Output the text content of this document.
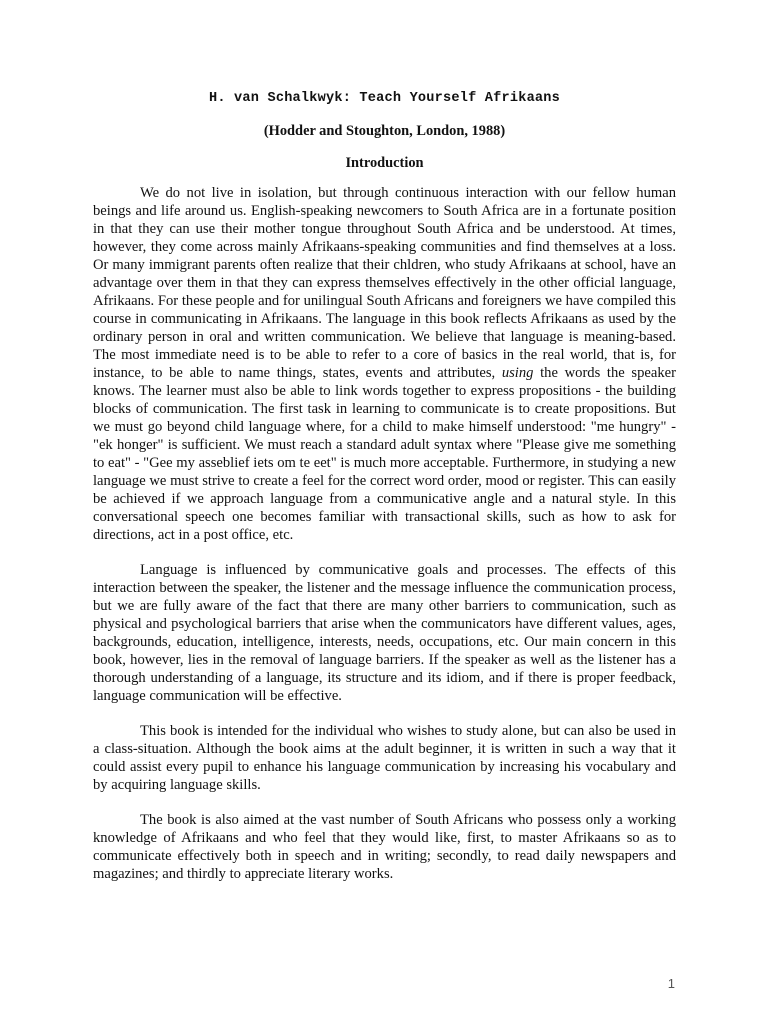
H. van Schalkwyk: Teach Yourself Afrikaans
(Hodder and Stoughton, London, 1988)
Introduction

We do not live in isolation, but through continuous interaction with our fellow human beings and life around us. English-speaking newcomers to South Africa are in a fortunate position in that they can use their mother tongue throughout South Africa and be understood. At times, however, they come across mainly Afrikaans-speaking communities and find themselves at a loss. Or many immigrant parents often realize that their chldren, who study Afrikaans at school, have an advantage over them in that they can express themselves effectively in the other official language, Afrikaans. For these people and for unilingual South Africans and foreigners we have compiled this course in communicating in Afrikaans. The language in this book reflects Afrikaans as used by the ordinary person in oral and written communication. We believe that language is meaning-based. The most immediate need is to be able to refer to a core of basics in the real world, that is, for instance, to be able to name things, states, events and attributes, using the words the speaker knows. The learner must also be able to link words together to express propositions - the building blocks of communication. The first task in learning to communicate is to create propositions. But we must go beyond child language where, for a child to make himself understood: "me hungry" - "ek honger" is sufficient. We must reach a standard adult syntax where "Please give me something to eat" - "Gee my asseblief iets om te eet" is much more acceptable. Furthermore, in studying a new language we must strive to create a feel for the correct word order, mood or register. This can easily be achieved if we approach language from a communicative angle and a natural style. In this conversational speech one becomes familiar with transactional skills, such as how to ask for directions, act in a post office, etc.

Language is influenced by communicative goals and processes. The effects of this interaction between the speaker, the listener and the message influence the communication process, but we are fully aware of the fact that there are many other barriers to communication, such as physical and psychological barriers that arise when the communicators have different values, ages, backgrounds, education, intelligence, interests, needs, occupations, etc. Our main concern in this book, however, lies in the removal of language barriers. If the speaker as well as the listener has a thorough understanding of a language, its structure and its idiom, and if there is proper feedback, language communication will be effective.

This book is intended for the individual who wishes to study alone, but can also be used in a class-situation. Although the book aims at the adult beginner, it is written in such a way that it could assist every pupil to enhance his language communication by increasing his vocabulary and by acquiring language skills.

The book is also aimed at the vast number of South Africans who possess only a working knowledge of Afrikaans and who feel that they would like, first, to master Afrikaans so as to communicate effectively both in speech and in writing; secondly, to read daily newspapers and magazines; and thirdly to appreciate literary works.

1
